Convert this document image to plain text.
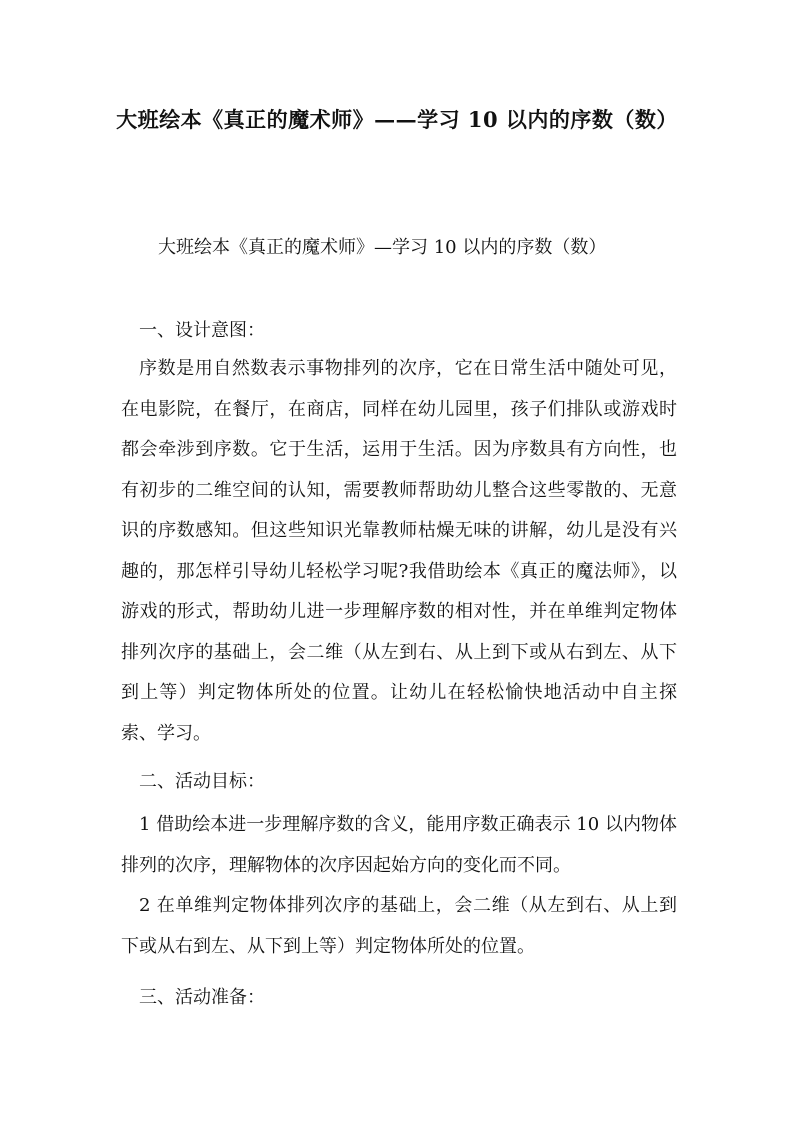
大班绘本《真正的魔术师》——学习 10 以内的序数（数）
大班绘本《真正的魔术师》—学习 10 以内的序数（数）
一、设计意图：
序数是用自然数表示事物排列的次序，它在日常生活中随处可见，在电影院，在餐厅，在商店，同样在幼儿园里，孩子们排队或游戏时都会牵涉到序数。它于生活，运用于生活。因为序数具有方向性，也有初步的二维空间的认知，需要教师帮助幼儿整合这些零散的、无意识的序数感知。但这些知识光靠教师枯燥无味的讲解，幼儿是没有兴趣的，那怎样引导幼儿轻松学习呢?我借助绘本《真正的魔法师》，以游戏的形式，帮助幼儿进一步理解序数的相对性，并在单维判定物体排列次序的基础上，会二维（从左到右、从上到下或从右到左、从下到上等）判定物体所处的位置。让幼儿在轻松愉快地活动中自主探索、学习。
二、活动目标：
1 借助绘本进一步理解序数的含义，能用序数正确表示 10 以内物体排列的次序，理解物体的次序因起始方向的变化而不同。
2 在单维判定物体排列次序的基础上，会二维（从左到右、从上到下或从右到左、从下到上等）判定物体所处的位置。
三、活动准备：
